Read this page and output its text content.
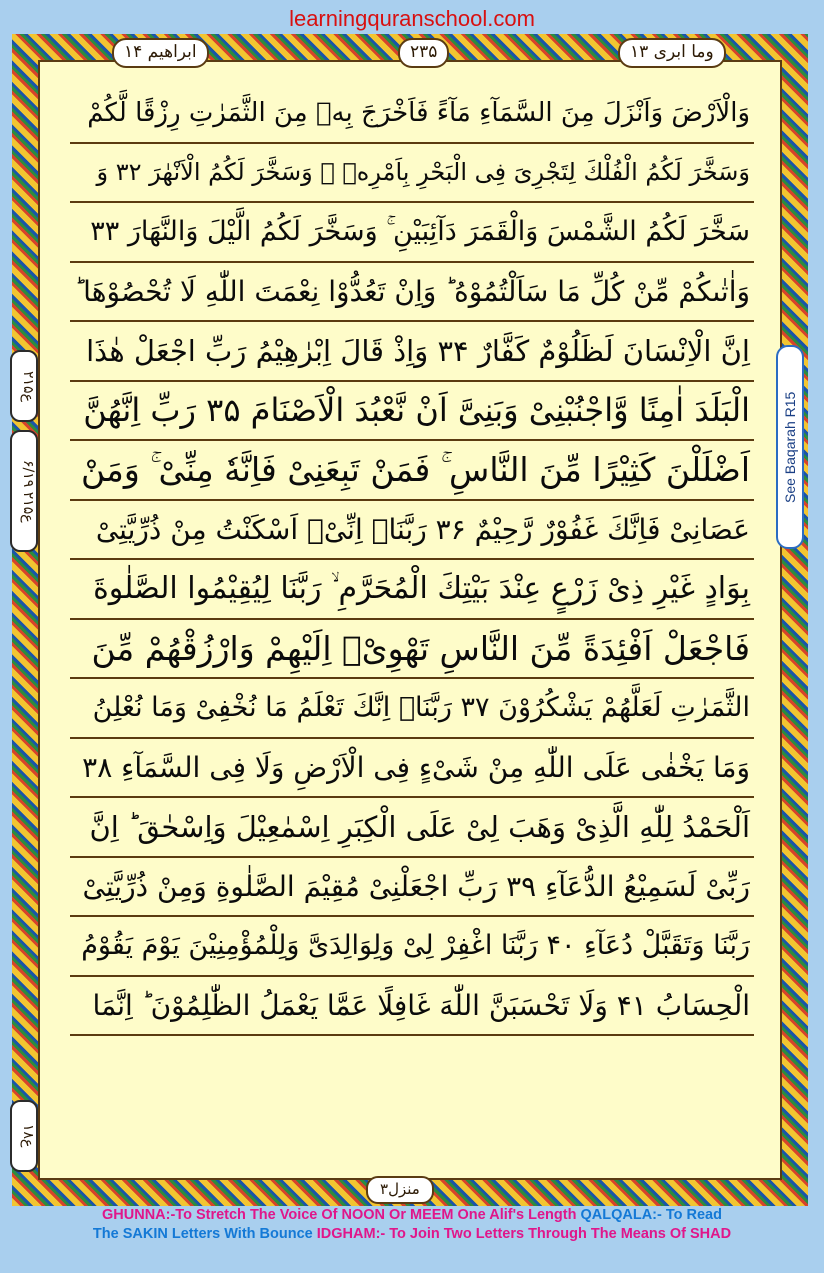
learningquranschool.com
وما ابری ۱۳
۲۳۵
ابراهیم ۱۴
ع۲۱۵
ع۲۱۵ ۶/۱۹
ع۱۸
See Baqarah R15
وَالْاَرْضَ وَاَنْزَلَ مِنَ السَّمَآءِ مَآءً فَاَخْرَجَ بِهٖ مِنَ الثَّمَرٰتِ رِزْقًا لَّكُمْ
وَسَخَّرَ لَكُمُ الْفُلْكَ لِتَجْرِیَ فِی الْبَحْرِ بِاَمْرِهٖ ۚ وَسَخَّرَ لَكُمُ الْاَنْهٰرَ ۳۲ وَ
سَخَّرَ لَكُمُ الشَّمْسَ وَالْقَمَرَ دَآئِبَیْنِ ۚ وَسَخَّرَ لَكُمُ الَّیْلَ وَالنَّهَارَ ۳۳
وَاٰتٰىكُمْ مِّنْ كُلِّ مَا سَاَلْتُمُوْهُ ؕ وَاِنْ تَعُدُّوْا نِعْمَتَ اللّٰهِ لَا تُحْصُوْهَا ؕ
اِنَّ الْاِنْسَانَ لَظَلُوْمٌ كَفَّارٌ ۳۴ وَاِذْ قَالَ اِبْرٰهِیْمُ رَبِّ اجْعَلْ هٰذَا
الْبَلَدَ اٰمِنًا وَّاجْنُبْنِیْ وَبَنِیَّ اَنْ نَّعْبُدَ الْاَصْنَامَ ۳۵ رَبِّ اِنَّهُنَّ
اَضْلَلْنَ كَثِیْرًا مِّنَ النَّاسِ ۚ فَمَنْ تَبِعَنِیْ فَاِنَّهٗ مِنِّیْ ۚ وَمَنْ
عَصَانِیْ فَاِنَّكَ غَفُوْرٌ رَّحِیْمٌ ۳۶ رَبَّنَاۤ اِنِّیْۤ اَسْكَنْتُ مِنْ ذُرِّیَّتِیْ
بِوَادٍ غَیْرِ ذِیْ زَرْعٍ عِنْدَ بَیْتِكَ الْمُحَرَّمِ ۙ رَبَّنَا لِیُقِیْمُوا الصَّلٰوةَ
فَاجْعَلْ اَفْئِدَةً مِّنَ النَّاسِ تَهْوِیْۤ اِلَیْهِمْ وَارْزُقْهُمْ مِّنَ
الثَّمَرٰتِ لَعَلَّهُمْ یَشْكُرُوْنَ ۳۷ رَبَّنَاۤ اِنَّكَ تَعْلَمُ مَا نُخْفِیْ وَمَا نُعْلِنُ
وَمَا یَخْفٰی عَلَی اللّٰهِ مِنْ شَیْءٍ فِی الْاَرْضِ وَلَا فِی السَّمَآءِ ۳۸
اَلْحَمْدُ لِلّٰهِ الَّذِیْ وَهَبَ لِیْ عَلَی الْكِبَرِ اِسْمٰعِیْلَ وَاِسْحٰقَ ؕ اِنَّ
رَبِّیْ لَسَمِیْعُ الدُّعَآءِ ۳۹ رَبِّ اجْعَلْنِیْ مُقِیْمَ الصَّلٰوةِ وَمِنْ ذُرِّیَّتِیْ
رَبَّنَا وَتَقَبَّلْ دُعَآءِ ۴۰ رَبَّنَا اغْفِرْ لِیْ وَلِوَالِدَیَّ وَلِلْمُؤْمِنِیْنَ یَوْمَ یَقُوْمُ
الْحِسَابُ ۴۱ وَلَا تَحْسَبَنَّ اللّٰهَ غَافِلًا عَمَّا یَعْمَلُ الظّٰلِمُوْنَ ؕ اِنَّمَا
منزل۳
GHUNNA:-To Stretch The Voice Of NOON Or MEEM One Alif's Length QALQALA:- To Read
The SAKIN Letters With Bounce IDGHAM:- To Join Two Letters Through The Means Of SHAD
